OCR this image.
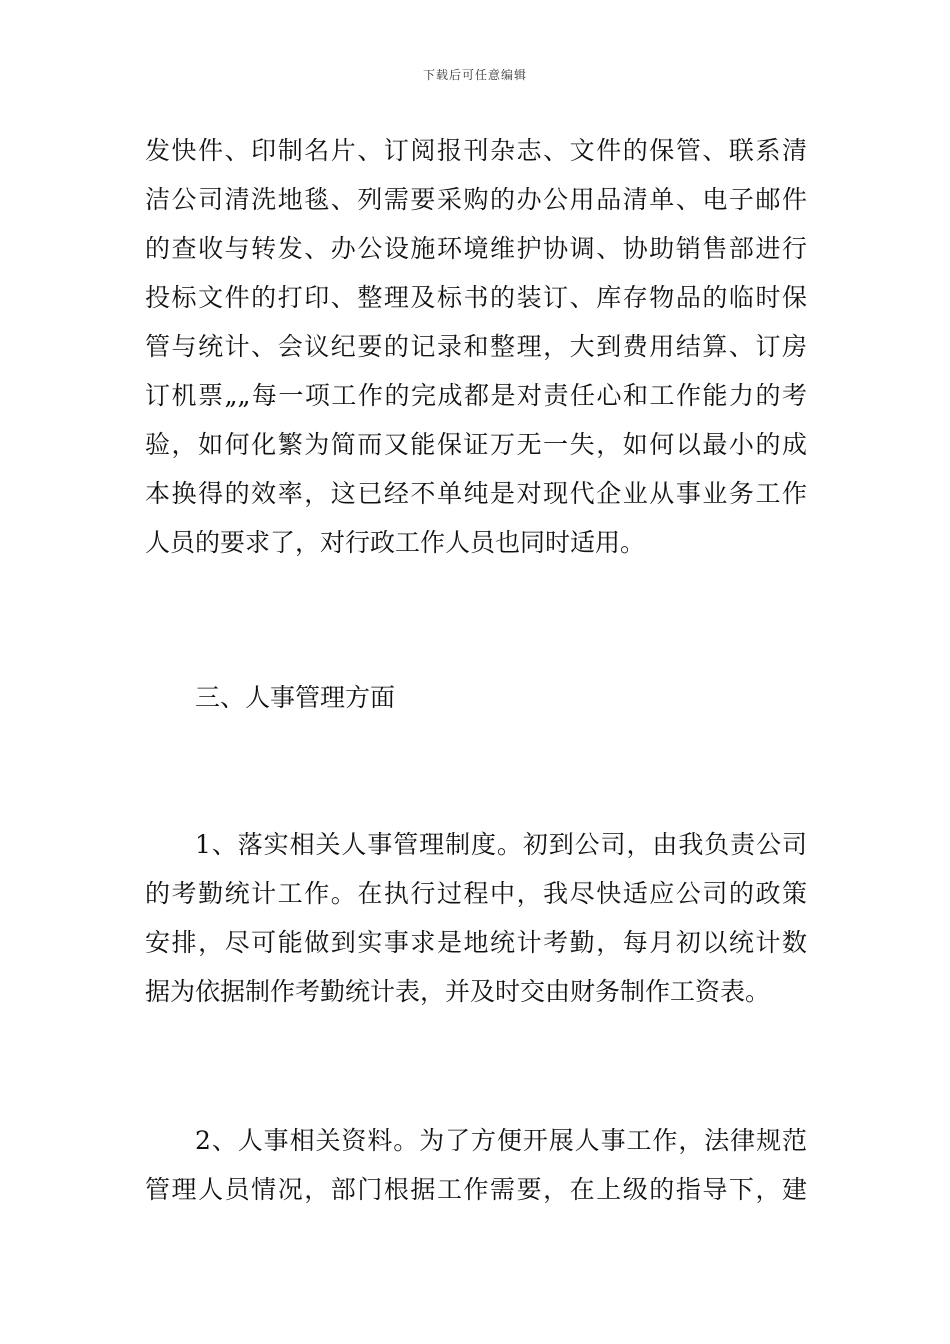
下载后可任意编辑
发快件、印制名片、订阅报刊杂志、文件的保管、联系清
洁公司清洗地毯、列需要采购的办公用品清单、电子邮件
的查收与转发、办公设施环境维护协调、协助销售部进行
投标文件的打印、整理及标书的装订、库存物品的临时保
管与统计、会议纪要的记录和整理，大到费用结算、订房
订机票„„每一项工作的完成都是对责任心和工作能力的考
验，如何化繁为简而又能保证万无一失，如何以最小的成
本换得的效率，这已经不单纯是对现代企业从事业务工作
人员的要求了，对行政工作人员也同时适用。
三、人事管理方面
1、落实相关人事管理制度。初到公司，由我负责公司
的考勤统计工作。在执行过程中，我尽快适应公司的政策
安排，尽可能做到实事求是地统计考勤，每月初以统计数
据为依据制作考勤统计表，并及时交由财务制作工资表。
2、人事相关资料。为了方便开展人事工作，法律规范
管理人员情况，部门根据工作需要，在上级的指导下，建
